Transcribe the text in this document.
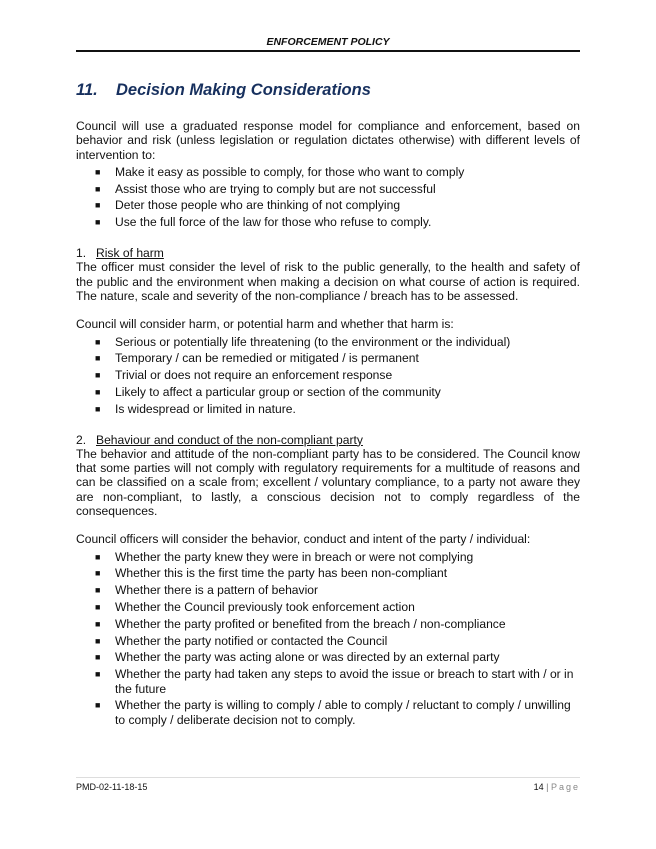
ENFORCEMENT POLICY
11. Decision Making Considerations

Council will use a graduated response model for compliance and enforcement, based on behavior and risk (unless legislation or regulation dictates otherwise) with different levels of intervention to:

■ Make it easy as possible to comply, for those who want to comply
■ Assist those who are trying to comply but are not successful
■ Deter those people who are thinking of not complying
■ Use the full force of the law for those who refuse to comply.

1. Risk of harm

The officer must consider the level of risk to the public generally, to the health and safety of the public and the environment when making a decision on what course of action is required. The nature, scale and severity of the non-compliance / breach has to be assessed.

Council will consider harm, or potential harm and whether that harm is:

■ Serious or potentially life threatening (to the environment or the individual)
■ Temporary / can be remedied or mitigated / is permanent
■ Trivial or does not require an enforcement response
■ Likely to affect a particular group or section of the community
■ Is widespread or limited in nature.

2. Behaviour and conduct of the non-compliant party

The behavior and attitude of the non-compliant party has to be considered. The Council know that some parties will not comply with regulatory requirements for a multitude of reasons and can be classified on a scale from; excellent / voluntary compliance, to a party not aware they are non-compliant, to lastly, a conscious decision not to comply regardless of the consequences.

Council officers will consider the behavior, conduct and intent of the party / individual:

■ Whether the party knew they were in breach or were not complying
■ Whether this is the first time the party has been non-compliant
■ Whether there is a pattern of behavior
■ Whether the Council previously took enforcement action
■ Whether the party profited or benefited from the breach / non-compliance
■ Whether the party notified or contacted the Council
■ Whether the party was acting alone or was directed by an external party
■ Whether the party had taken any steps to avoid the issue or breach to start with / or in the future
■ Whether the party is willing to comply / able to comply / reluctant to comply / unwilling to comply / deliberate decision not to comply.
PMD-02-11-18-15	14 | Page
